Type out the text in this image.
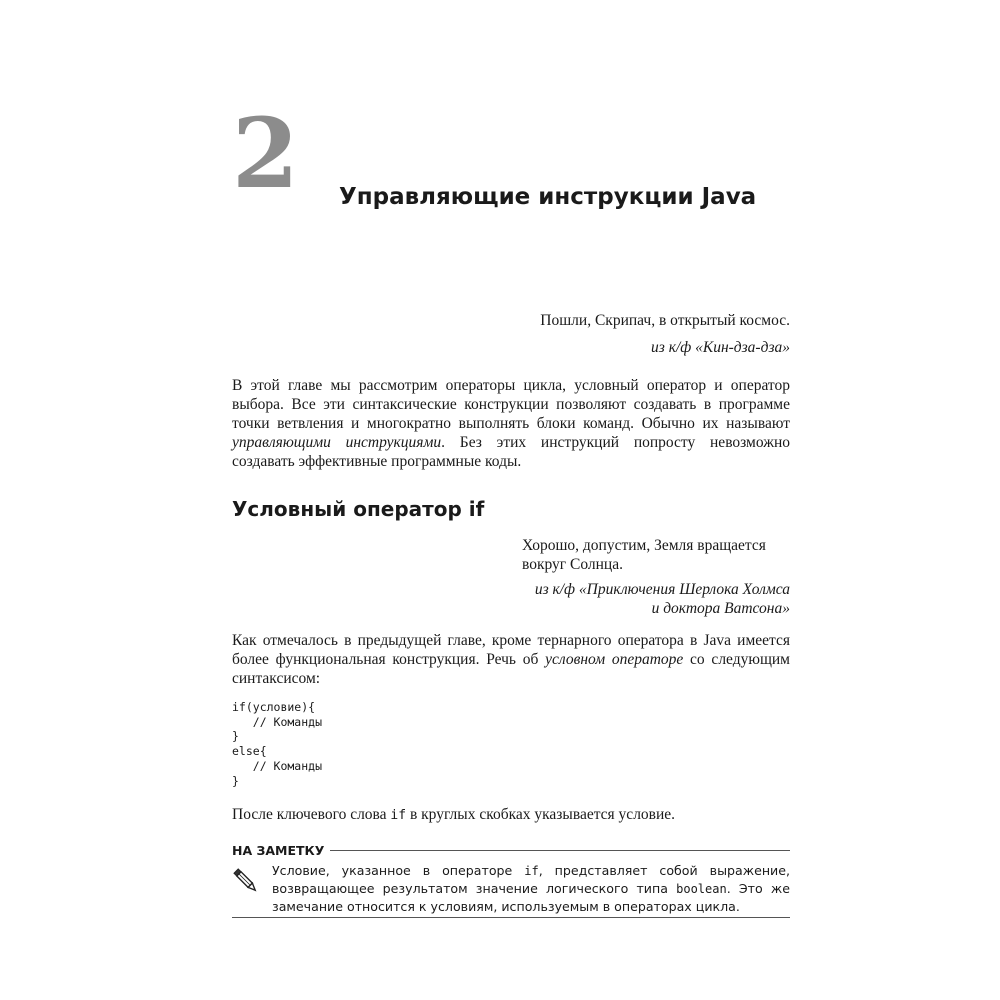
2 Управляющие инструкции Java
Пошли, Скрипач, в открытый космос.
из к/ф «Кин-дза-дза»
В этой главе мы рассмотрим операторы цикла, условный оператор и оператор выбора. Все эти синтаксические конструкции позволяют создавать в программе точки ветвления и многократно выполнять блоки команд. Обычно их называют управляющими инструкциями. Без этих инструкций попросту невозможно создавать эффективные программные коды.
Условный оператор if
Хорошо, допустим, Земля вращается вокруг Солнца.
из к/ф «Приключения Шерлока Холмса
и доктора Ватсона»
Как отмечалось в предыдущей главе, кроме тернарного оператора в Java имеется более функциональная конструкция. Речь об условном операторе со следующим синтаксисом:
if(условие){
// Команды
}
else{
// Команды
}
После ключевого слова if в круглых скобках указывается условие.
НА ЗАМЕТКУ
Условие, указанное в операторе if, представляет собой выражение, возвращающее результатом значение логического типа boolean. Это же замечание относится к условиям, используемым в операторах цикла.
